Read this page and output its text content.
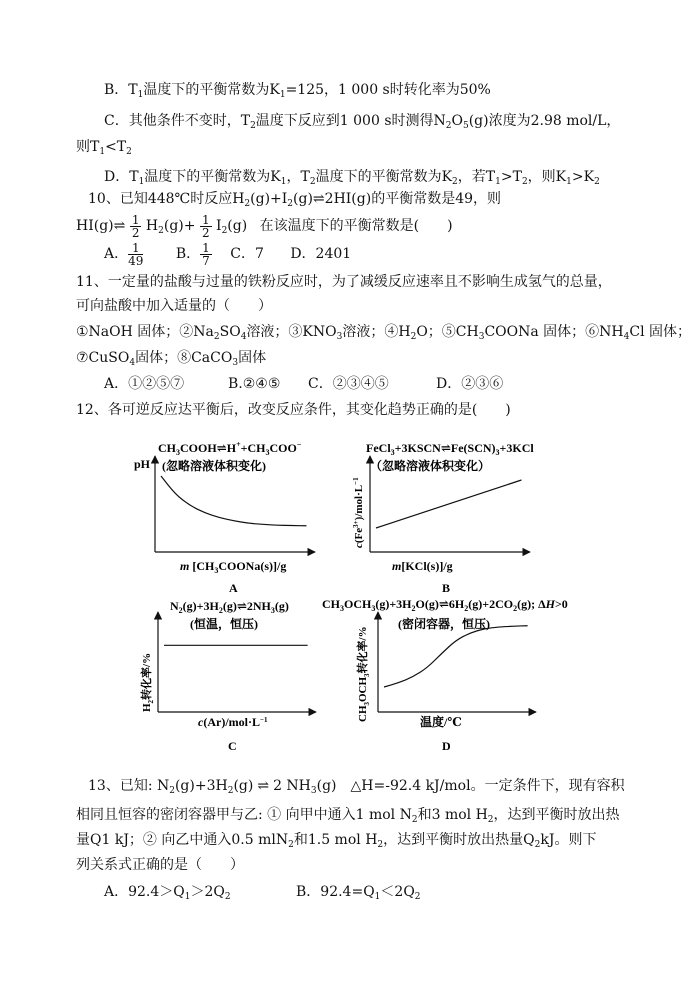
B．$T_1$温度下的平衡常数为$K_1=125$，1 000 s时转化率为50%
C．其他条件不变时，$T_2$温度下反应到1 000 s时测得$N_2O_5(g)$浓度为2.98 mol/L，
则$T_1<T_2$
D．$T_1$温度下的平衡常数为$K_1$，$T_2$温度下的平衡常数为$K_2$，若$T_1>T_2$，则$K_1>K_2$
10、已知448℃时反应$H_2(g)+I_2(g)\rightleftharpoons 2HI(g)$的平衡常数是49，则
HI(g)⇌ $\frac{1}{2} H_2(g)+ \frac{1}{2} I_2(g)$ 在该温度下的平衡常数是(　　)
A． $\frac{1}{49}$ B． $\frac{1}{7}$ C．7 D．2401
11、一定量的盐酸与过量的铁粉反应时，为了减缓反应速率且不影响生成氢气的总量，
可向盐酸中加入适量的（　　）
①NaOH 固体；$②Na_2SO_4$溶液；$③KNO_3$溶液；$④H_2O$；$⑤CH_3COONa$ 固体；$⑥NH_4Cl$ 固体；
⑦CuSO$_4$固体；⑧CaCO$_3$固体
A．①②⑤⑦	B.②④⑤ C．②③④⑤	D．②③⑥
12、各可逆反应达平衡后，改变反应条件，其变化趋势正确的是(　　)
$CH_3COOH\rightleftharpoons H^++CH_3COO^-$
(忽略溶液体积变化)
pH
m $[CH_3COONa(s)]/g$
A
$FeCl_3+3KSCN\rightleftharpoons Fe(SCN)_3+3KCl$
（忽略溶液体积变化）
$c(Fe^{3+})/mol\cdot L^{-1}$
m[KCl(s)]/g
B
$N_2(g)+3H_2(g)\rightleftharpoons 2NH_3(g)$
(恒温，恒压)
$H_2$转化率/%
$c(Ar)/mol\cdot L^{-1}$
C
$CH_3OCH_3(g)+3H_2O(g)\rightleftharpoons 6H_2(g)+2CO_2(g)$; ΔH>0
(密闭容器，恒压)
$CH_3OCH_3$转化率/%
温度/℃
D
13、已知: $N_2(g)+3H_2(g)$ ⇌ 2 $NH_3(g)$　△H=-92.4 kJ/mol。一定条件下，现有容积
相同且恒容的密闭容器甲与乙: ① 向甲中通入1 mol $N_2$和3 mol $H_2$，达到平衡时放出热
量Q1 kJ；② 向乙中通入0.5 mlN$_2$和1.5 mol $H_2$，达到平衡时放出热量$Q_2kJ$。则下
列关系式正确的是（　　）
A．$92.4>Q_1>2Q_2$	B．$92.4=Q_1<2Q_2$
